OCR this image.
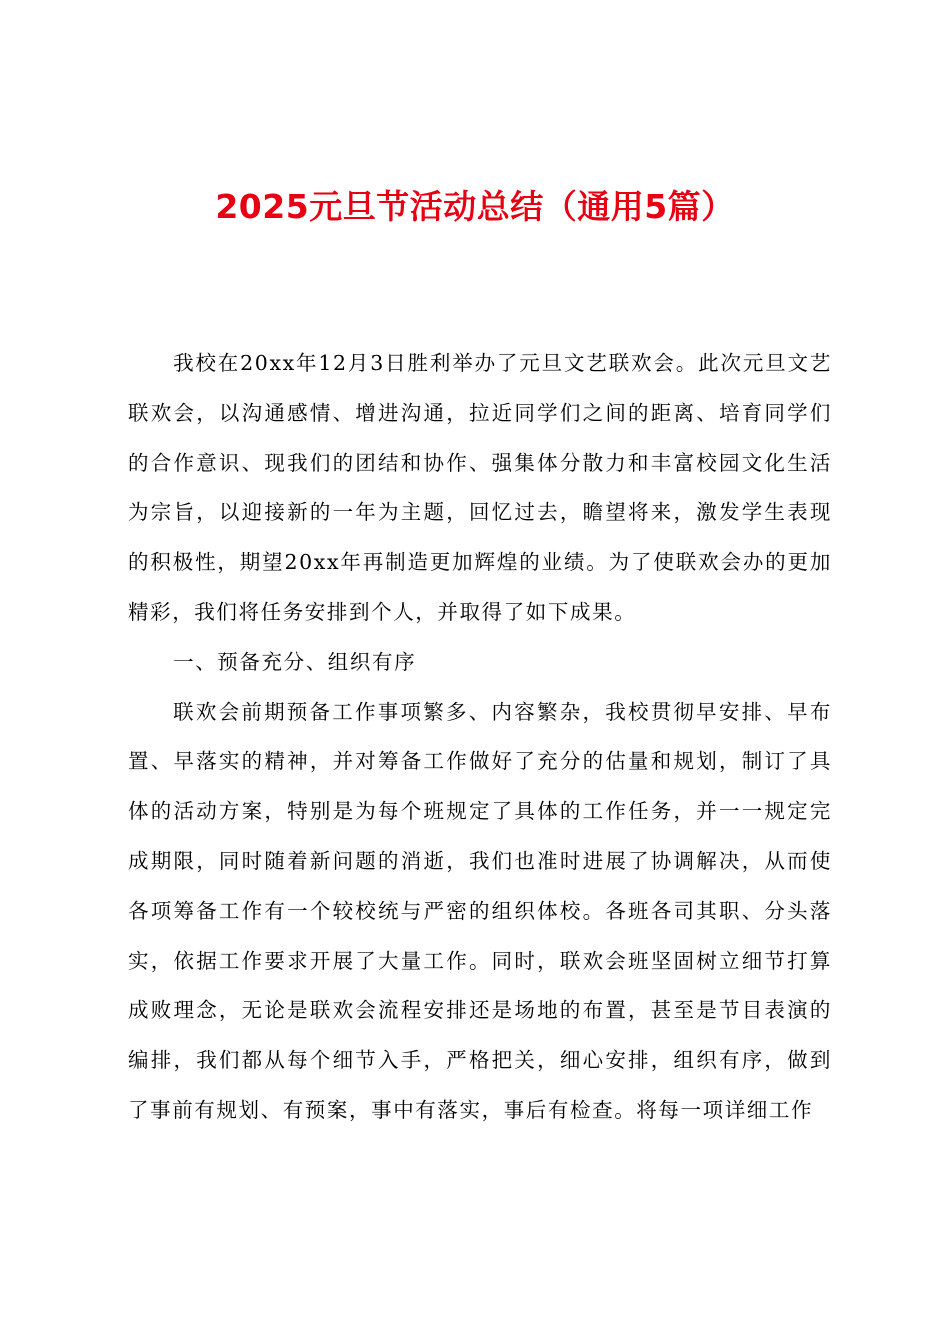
2025元旦节活动总结（通用5篇）

我校在20xx年12月3日胜利举办了元旦文艺联欢会。此次元旦文艺联欢会，以沟通感情、增进沟通，拉近同学们之间的距离、培育同学们的合作意识、现我们的团结和协作、强集体分散力和丰富校园文化生活为宗旨，以迎接新的一年为主题，回忆过去，瞻望将来，激发学生表现的积极性，期望20xx年再制造更加辉煌的业绩。为了使联欢会办的更加精彩，我们将任务安排到个人，并取得了如下成果。

一、预备充分、组织有序

联欢会前期预备工作事项繁多、内容繁杂，我校贯彻早安排、早布置、早落实的精神，并对筹备工作做好了充分的估量和规划，制订了具体的活动方案，特别是为每个班规定了具体的工作任务，并一一规定完成期限，同时随着新问题的消逝，我们也准时进展了协调解决，从而使各项筹备工作有一个较校统与严密的组织体校。各班各司其职、分头落实，依据工作要求开展了大量工作。同时，联欢会班坚固树立细节打算成败理念，无论是联欢会流程安排还是场地的布置，甚至是节目表演的编排，我们都从每个细节入手，严格把关，细心安排，组织有序，做到了事前有规划、有预案，事中有落实，事后有检查。将每一项详细工作
